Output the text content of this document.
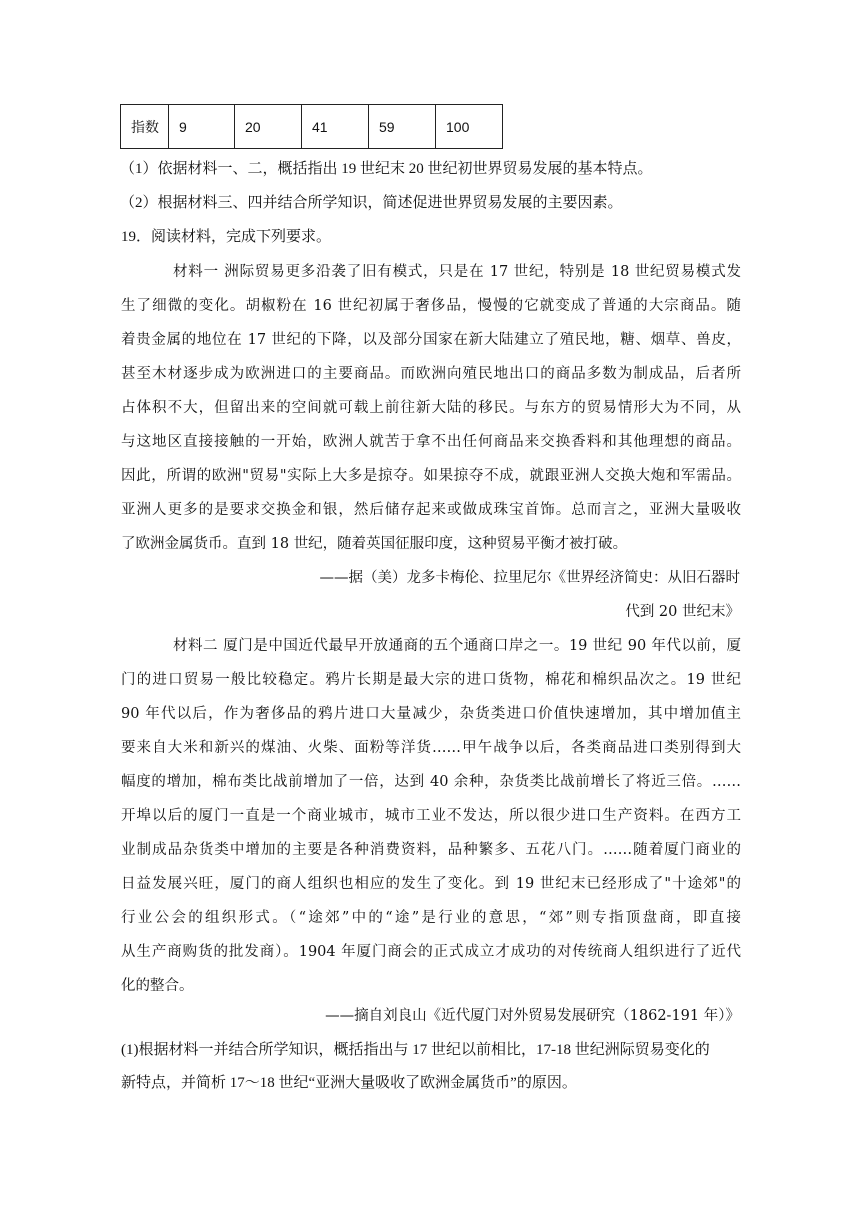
指数	9	20	41	59	100
（1）依据材料一、二，概括指出 19 世纪末 20 世纪初世界贸易发展的基本特点。
（2）根据材料三、四并结合所学知识，简述促进世界贸易发展的主要因素。
19．阅读材料，完成下列要求。
材料一 洲际贸易更多沿袭了旧有模式，只是在 17 世纪，特别是 18 世纪贸易模式发
生了细微的变化。胡椒粉在 16 世纪初属于奢侈品，慢慢的它就变成了普通的大宗商品。随
着贵金属的地位在 17 世纪的下降，以及部分国家在新大陆建立了殖民地，糖、烟草、兽皮，
甚至木材逐步成为欧洲进口的主要商品。而欧洲向殖民地出口的商品多数为制成品，后者所
占体积不大，但留出来的空间就可载上前往新大陆的移民。与东方的贸易情形大为不同，从
与这地区直接接触的一开始，欧洲人就苦于拿不出任何商品来交换香料和其他理想的商品。
因此，所谓的欧洲"贸易"实际上大多是掠夺。如果掠夺不成，就跟亚洲人交换大炮和军需品。
亚洲人更多的是要求交换金和银，然后储存起来或做成珠宝首饰。总而言之，亚洲大量吸收
了欧洲金属货币。直到 18 世纪，随着英国征服印度，这种贸易平衡才被打破。
——据（美）龙多卡梅伦、拉里尼尔《世界经济简史：从旧石器时
代到 20 世纪末》
材料二 厦门是中国近代最早开放通商的五个通商口岸之一。19 世纪 90 年代以前，厦
门的进口贸易一般比较稳定。鸦片长期是最大宗的进口货物，棉花和棉织品次之。19 世纪
90 年代以后，作为奢侈品的鸦片进口大量减少，杂货类进口价值快速增加，其中增加值主
要来自大米和新兴的煤油、火柴、面粉等洋货……甲午战争以后，各类商品进口类别得到大
幅度的增加，棉布类比战前增加了一倍，达到 40 余种，杂货类比战前增长了将近三倍。……
开埠以后的厦门一直是一个商业城市，城市工业不发达，所以很少进口生产资料。在西方工
业制成品杂货类中增加的主要是各种消费资料，品种繁多、五花八门。……随着厦门商业的
日益发展兴旺，厦门的商人组织也相应的发生了变化。到 19 世纪末已经形成了"十途郊"的
行业公会的组织形式。（“途郊”中的“途”是行业的意思，“郊”则专指顶盘商，即直接
从生产商购货的批发商）。1904 年厦门商会的正式成立才成功的对传统商人组织进行了近代
化的整合。
——摘自刘良山《近代厦门对外贸易发展研究（1862-191 年）》
(1)根据材料一并结合所学知识，概括指出与 17 世纪以前相比，17-18 世纪洲际贸易变化的
新特点，并简析 17～18 世纪“亚洲大量吸收了欧洲金属货币”的原因。
